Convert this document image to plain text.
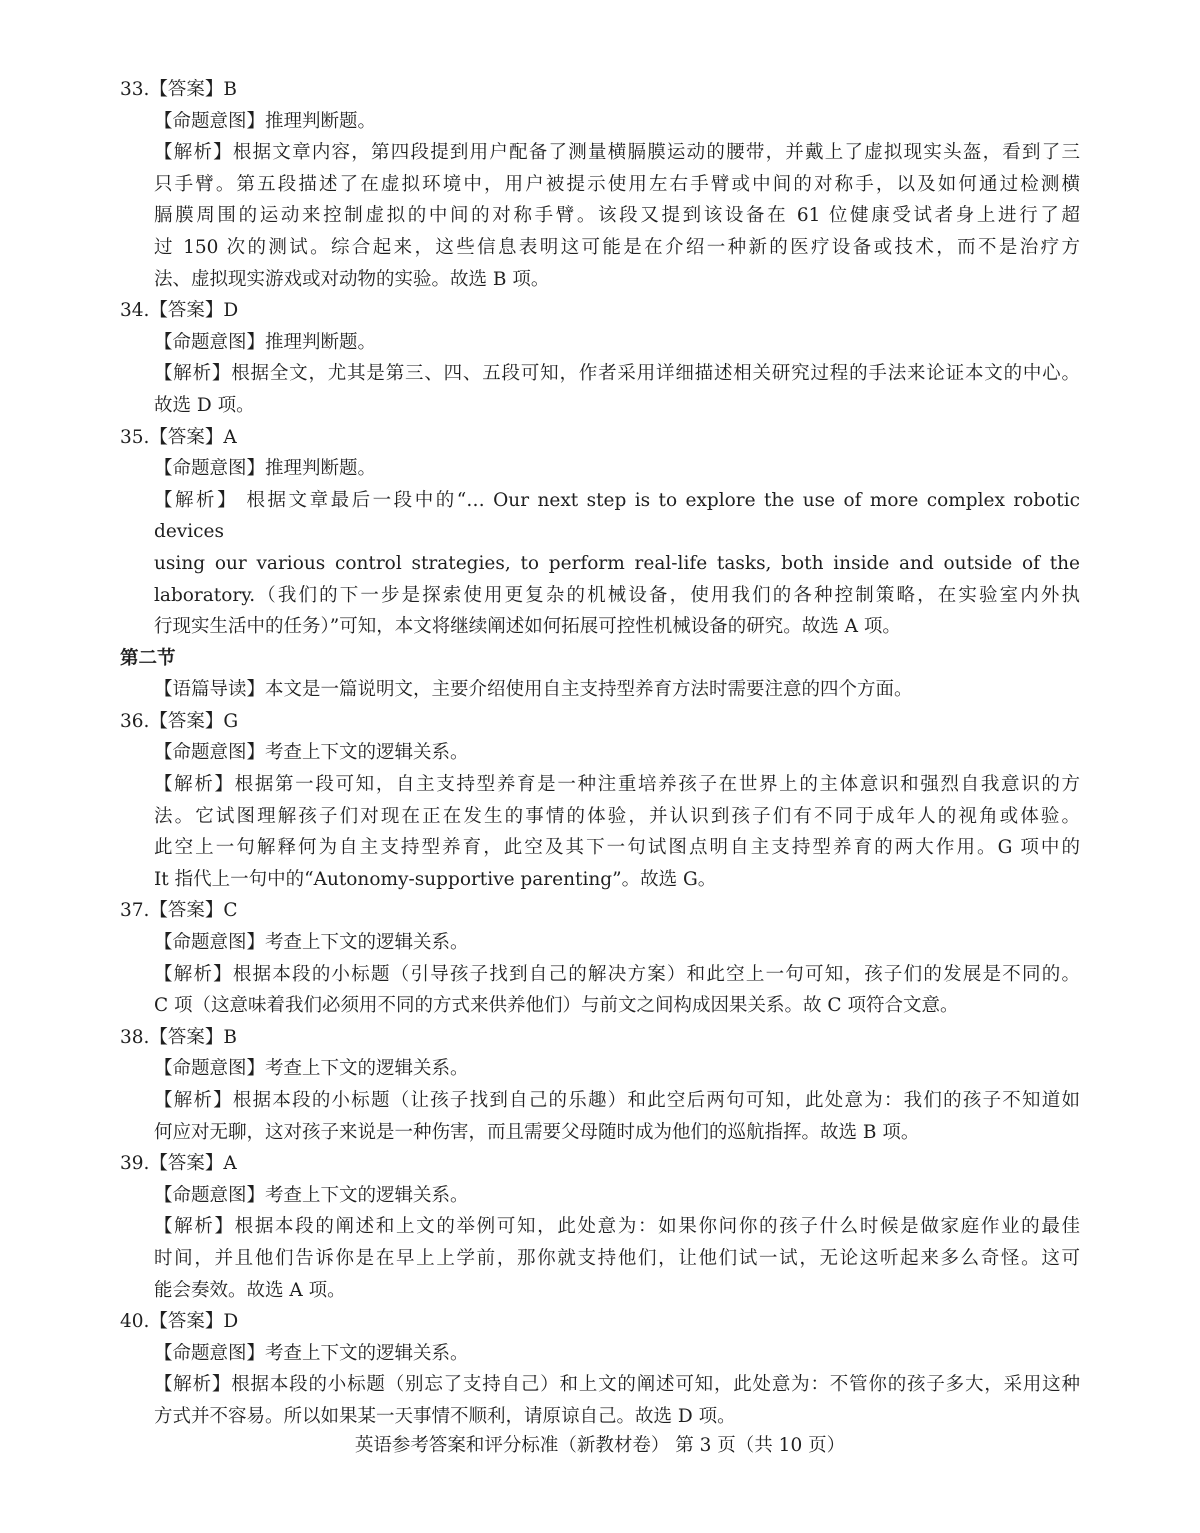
33.【答案】B
【命题意图】推理判断题。
【解析】根据文章内容，第四段提到用户配备了测量横膈膜运动的腰带，并戴上了虚拟现实头盔，看到了三
只手臂。第五段描述了在虚拟环境中，用户被提示使用左右手臂或中间的对称手，以及如何通过检测横
膈膜周围的运动来控制虚拟的中间的对称手臂。该段又提到该设备在 61 位健康受试者身上进行了超
过 150 次的测试。综合起来，这些信息表明这可能是在介绍一种新的医疗设备或技术，而不是治疗方
法、虚拟现实游戏或对动物的实验。故选 B 项。
34.【答案】D
【命题意图】推理判断题。
【解析】根据全文，尤其是第三、四、五段可知，作者采用详细描述相关研究过程的手法来论证本文的中心。
故选 D 项。
35.【答案】A
【命题意图】推理判断题。
【解析】 根据文章最后一段中的“… Our next step is to explore the use of more complex robotic devices
using our various control strategies, to perform real-life tasks, both inside and outside of the
laboratory.（我们的下一步是探索使用更复杂的机械设备，使用我们的各种控制策略，在实验室内外执
行现实生活中的任务）”可知，本文将继续阐述如何拓展可控性机械设备的研究。故选 A 项。
第二节
【语篇导读】本文是一篇说明文，主要介绍使用自主支持型养育方法时需要注意的四个方面。
36.【答案】G
【命题意图】考查上下文的逻辑关系。
【解析】根据第一段可知，自主支持型养育是一种注重培养孩子在世界上的主体意识和强烈自我意识的方
法。它试图理解孩子们对现在正在发生的事情的体验，并认识到孩子们有不同于成年人的视角或体验。
此空上一句解释何为自主支持型养育，此空及其下一句试图点明自主支持型养育的两大作用。G 项中的
It 指代上一句中的“Autonomy-supportive parenting”。故选 G。
37.【答案】C
【命题意图】考查上下文的逻辑关系。
【解析】根据本段的小标题（引导孩子找到自己的解决方案）和此空上一句可知，孩子们的发展是不同的。
C 项（这意味着我们必须用不同的方式来供养他们）与前文之间构成因果关系。故 C 项符合文意。
38.【答案】B
【命题意图】考查上下文的逻辑关系。
【解析】根据本段的小标题（让孩子找到自己的乐趣）和此空后两句可知，此处意为：我们的孩子不知道如
何应对无聊，这对孩子来说是一种伤害，而且需要父母随时成为他们的巡航指挥。故选 B 项。
39.【答案】A
【命题意图】考查上下文的逻辑关系。
【解析】根据本段的阐述和上文的举例可知，此处意为：如果你问你的孩子什么时候是做家庭作业的最佳
时间，并且他们告诉你是在早上上学前，那你就支持他们，让他们试一试，无论这听起来多么奇怪。这可
能会奏效。故选 A 项。
40.【答案】D
【命题意图】考查上下文的逻辑关系。
【解析】根据本段的小标题（别忘了支持自己）和上文的阐述可知，此处意为：不管你的孩子多大，采用这种
方式并不容易。所以如果某一天事情不顺利，请原谅自己。故选 D 项。
英语参考答案和评分标准（新教材卷） 第 3 页（共 10 页）
